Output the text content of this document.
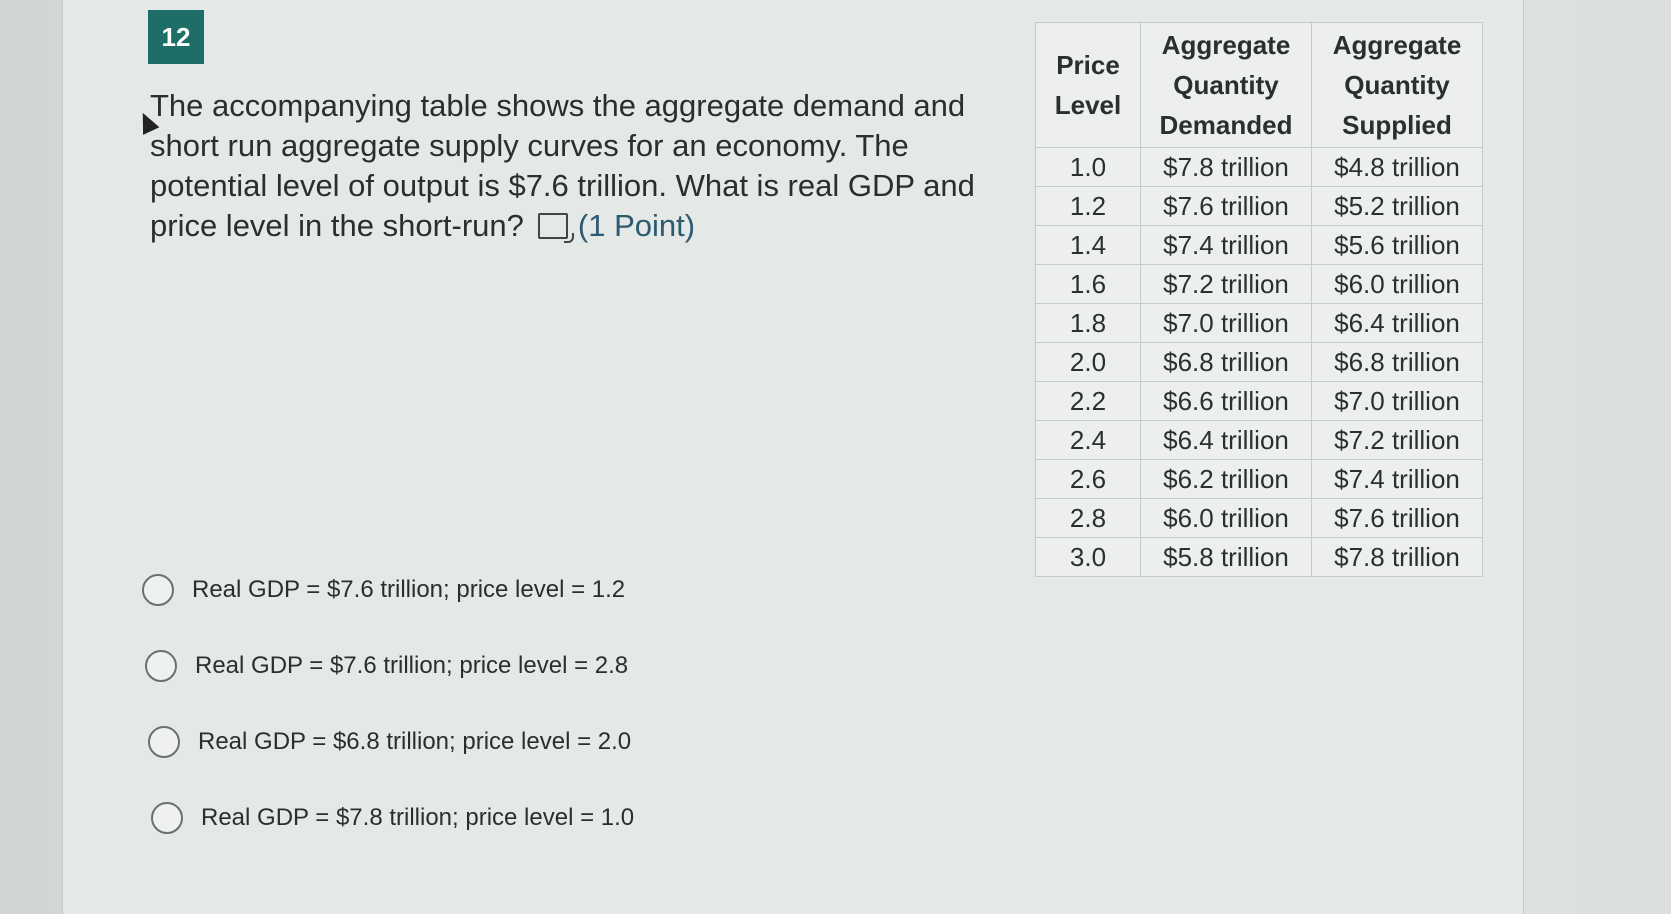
12
The accompanying table shows the aggregate demand and short run aggregate supply curves for an economy. The potential level of output is $7.6 trillion. What is real GDP and price level in the short-run? (1 Point)
Price Level	Aggregate Quantity Demanded	Aggregate Quantity Supplied
1.0	$7.8 trillion	$4.8 trillion
1.2	$7.6 trillion	$5.2 trillion
1.4	$7.4 trillion	$5.6 trillion
1.6	$7.2 trillion	$6.0 trillion
1.8	$7.0 trillion	$6.4 trillion
2.0	$6.8 trillion	$6.8 trillion
2.2	$6.6 trillion	$7.0 trillion
2.4	$6.4 trillion	$7.2 trillion
2.6	$6.2 trillion	$7.4 trillion
2.8	$6.0 trillion	$7.6 trillion
3.0	$5.8 trillion	$7.8 trillion
Real GDP = $7.6 trillion; price level = 1.2
Real GDP = $7.6 trillion; price level = 2.8
Real GDP = $6.8 trillion; price level = 2.0
Real GDP = $7.8 trillion; price level = 1.0
